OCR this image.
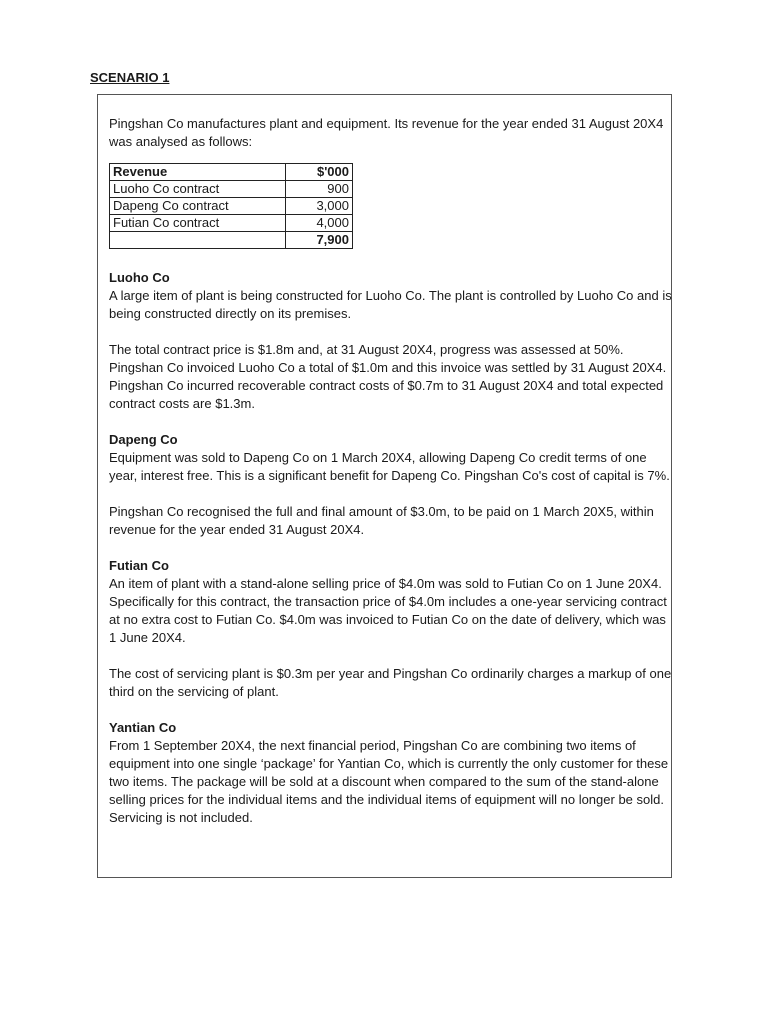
SCENARIO 1

Pingshan Co manufactures plant and equipment. Its revenue for the year ended 31 August 20X4 was analysed as follows:

Revenue	$'000
Luoho Co contract	900
Dapeng Co contract	3,000
Futian Co contract	4,000
	7,900
Luoho Co

A large item of plant is being constructed for Luoho Co. The plant is controlled by Luoho Co and is being constructed directly on its premises.

The total contract price is $1.8m and, at 31 August 20X4, progress was assessed at 50%. Pingshan Co invoiced Luoho Co a total of $1.0m and this invoice was settled by 31 August 20X4. Pingshan Co incurred recoverable contract costs of $0.7m to 31 August 20X4 and total expected contract costs are $1.3m.

Dapeng Co

Equipment was sold to Dapeng Co on 1 March 20X4, allowing Dapeng Co credit terms of one year, interest free. This is a significant benefit for Dapeng Co. Pingshan Co's cost of capital is 7%.

Pingshan Co recognised the full and final amount of $3.0m, to be paid on 1 March 20X5, within revenue for the year ended 31 August 20X4.

Futian Co

An item of plant with a stand-alone selling price of $4.0m was sold to Futian Co on 1 June 20X4. Specifically for this contract, the transaction price of $4.0m includes a one-year servicing contract at no extra cost to Futian Co. $4.0m was invoiced to Futian Co on the date of delivery, which was 1 June 20X4.

The cost of servicing plant is $0.3m per year and Pingshan Co ordinarily charges a markup of one third on the servicing of plant.

Yantian Co

From 1 September 20X4, the next financial period, Pingshan Co are combining two items of equipment into one single ‘package’ for Yantian Co, which is currently the only customer for these two items. The package will be sold at a discount when compared to the sum of the stand-alone selling prices for the individual items and the individual items of equipment will no longer be sold. Servicing is not included.
